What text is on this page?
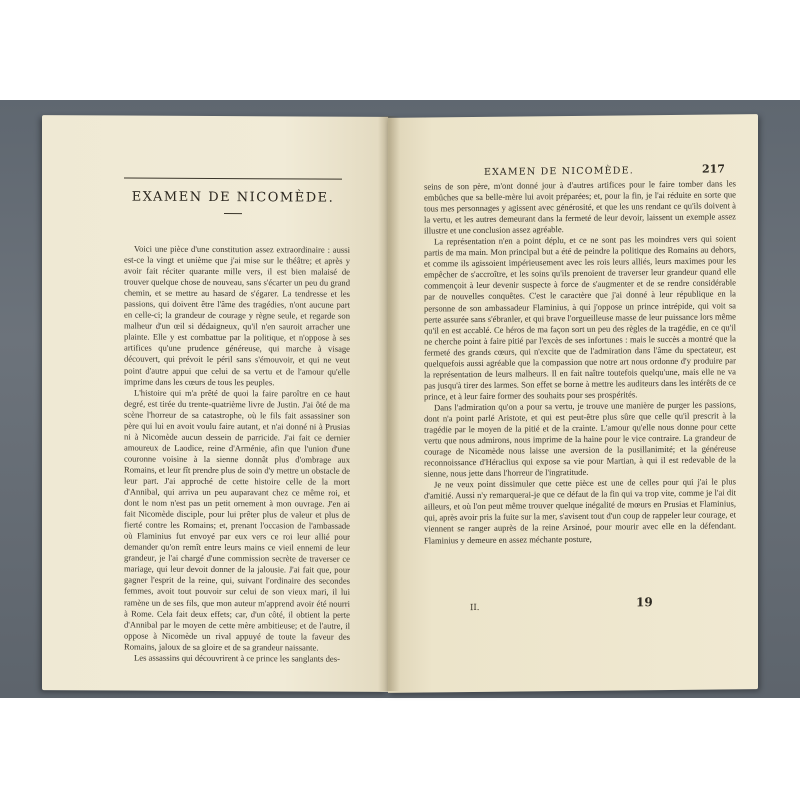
EXAMEN DE NICOMÈDE.

Voici une pièce d'une constitution assez extraordinaire : aussi est-ce la vingt et unième que j'ai mise sur le théâtre; et après y avoir fait réciter quarante mille vers, il est bien malaisé de trouver quelque chose de nouveau, sans s'écarter un peu du grand chemin, et se mettre au hasard de s'égarer. La tendresse et les passions, qui doivent être l'âme des tragédies, n'ont aucune part en celle-ci; la grandeur de courage y règne seule, et regarde son malheur d'un œil si dédaigneux, qu'il n'en sauroit arracher une plainte. Elle y est combattue par la politique, et n'oppose à ses artifices qu'une prudence généreuse, qui marche à visage découvert, qui prévoit le péril sans s'émouvoir, et qui ne veut point d'autre appui que celui de sa vertu et de l'amour qu'elle imprime dans les cœurs de tous les peuples.

L'histoire qui m'a prêté de quoi la faire paroître en ce haut degré, est tirée du trente-quatrième livre de Justin. J'ai ôté de ma scène l'horreur de sa catastrophe, où le fils fait assassiner son père qui lui en avoit voulu faire autant, et n'ai donné ni à Prusias ni à Nicomède aucun dessein de parricide. J'ai fait ce dernier amoureux de Laodice, reine d'Arménie, afin que l'union d'une couronne voisine à la sienne donnât plus d'ombrage aux Romains, et leur fît prendre plus de soin d'y mettre un obstacle de leur part. J'ai approché de cette histoire celle de la mort d'Annibal, qui arriva un peu auparavant chez ce même roi, et dont le nom n'est pas un petit ornement à mon ouvrage. J'en ai fait Nicomède disciple, pour lui prêter plus de valeur et plus de fierté contre les Romains; et, prenant l'occasion de l'ambassade où Flaminius fut envoyé par eux vers ce roi leur allié pour demander qu'on remît entre leurs mains ce vieil ennemi de leur grandeur, je l'ai chargé d'une commission secrète de traverser ce mariage, qui leur devoit donner de la jalousie. J'ai fait que, pour gagner l'esprit de la reine, qui, suivant l'ordinaire des secondes femmes, avoit tout pouvoir sur celui de son vieux mari, il lui ramène un de ses fils, que mon auteur m'apprend avoir été nourri à Rome. Cela fait deux effets; car, d'un côté, il obtient la perte d'Annibal par le moyen de cette mère ambitieuse; et de l'autre, il oppose à Nicomède un rival appuyé de toute la faveur des Romains, jaloux de sa gloire et de sa grandeur naissante.

Les assassins qui découvrirent à ce prince les sanglants des-

EXAMEN DE NICOMÈDE.	217

seins de son père, m'ont donné jour à d'autres artifices pour le faire tomber dans les embûches que sa belle-mère lui avoit préparées; et, pour la fin, je l'ai réduite en sorte que tous mes personnages y agissent avec générosité, et que les uns rendant ce qu'ils doivent à la vertu, et les autres demeurant dans la fermeté de leur devoir, laissent un exemple assez illustre et une conclusion assez agréable.

La représentation n'en a point déplu, et ce ne sont pas les moindres vers qui soient partis de ma main. Mon principal but a été de peindre la politique des Romains au dehors, et comme ils agissoient impérieusement avec les rois leurs alliés, leurs maximes pour les empêcher de s'accroître, et les soins qu'ils prenoient de traverser leur grandeur quand elle commençoit à leur devenir suspecte à force de s'augmenter et de se rendre considérable par de nouvelles conquêtes. C'est le caractère que j'ai donné à leur république en la personne de son ambassadeur Flaminius, à qui j'oppose un prince intrépide, qui voit sa perte assurée sans s'ébranler, et qui brave l'orgueilleuse masse de leur puissance lors même qu'il en est accablé. Ce héros de ma façon sort un peu des règles de la tragédie, en ce qu'il ne cherche point à faire pitié par l'excès de ses infortunes : mais le succès a montré que la fermeté des grands cœurs, qui n'excite que de l'admiration dans l'âme du spectateur, est quelquefois aussi agréable que la compassion que notre art nous ordonne d'y produire par la représentation de leurs malheurs. Il en fait naître toutefois quelqu'une, mais elle ne va pas jusqu'à tirer des larmes. Son effet se borne à mettre les auditeurs dans les intérêts de ce prince, et à leur faire former des souhaits pour ses prospérités.

Dans l'admiration qu'on a pour sa vertu, je trouve une manière de purger les passions, dont n'a point parlé Aristote, et qui est peut-être plus sûre que celle qu'il prescrit à la tragédie par le moyen de la pitié et de la crainte. L'amour qu'elle nous donne pour cette vertu que nous admirons, nous imprime de la haine pour le vice contraire. La grandeur de courage de Nicomède nous laisse une aversion de la pusillanimité; et la généreuse reconnoissance d'Héraclius qui expose sa vie pour Martian, à qui il est redevable de la sienne, nous jette dans l'horreur de l'ingratitude.

Je ne veux point dissimuler que cette pièce est une de celles pour qui j'ai le plus d'amitié. Aussi n'y remarquerai-je que ce défaut de la fin qui va trop vite, comme je l'ai dit ailleurs, et où l'on peut même trouver quelque inégalité de mœurs en Prusias et Flaminius, qui, après avoir pris la fuite sur la mer, s'avisent tout d'un coup de rappeler leur courage, et viennent se ranger auprès de la reine Arsinoé, pour mourir avec elle en la défendant. Flaminius y demeure en assez méchante posture,

II.	19
